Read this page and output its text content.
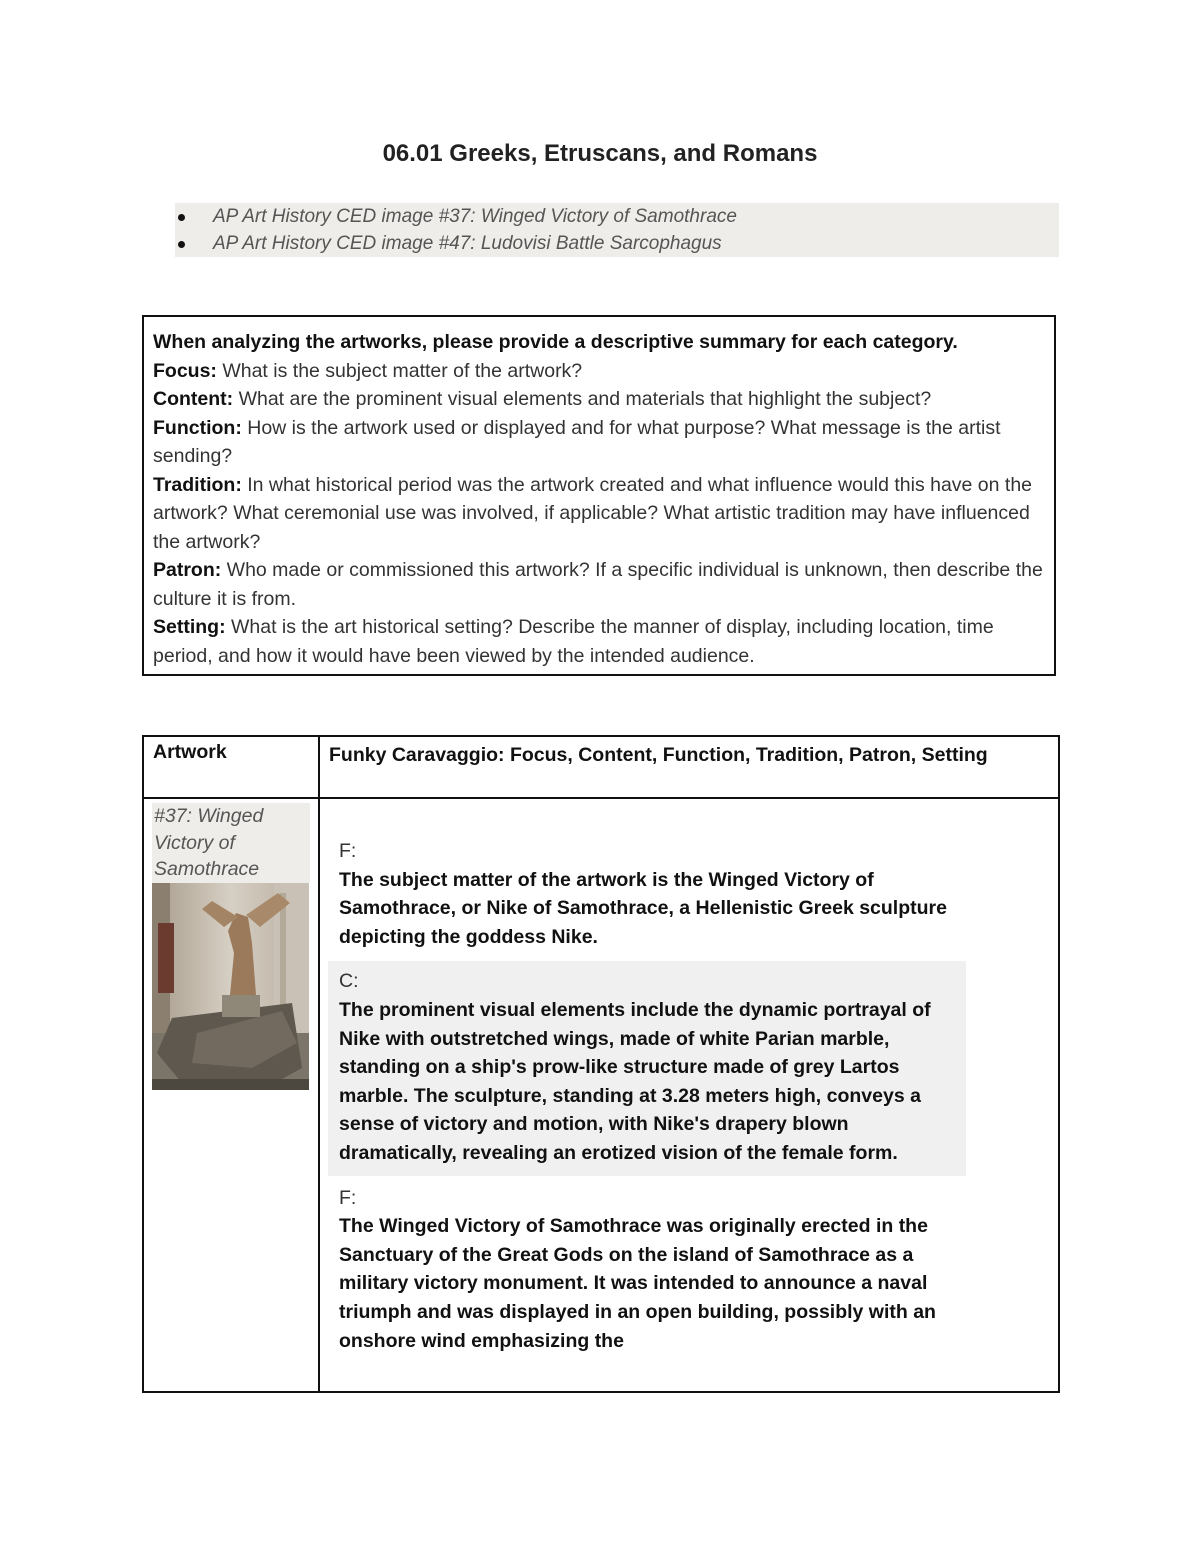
06.01 Greeks, Etruscans, and Romans
AP Art History CED image #37: Winged Victory of Samothrace
AP Art History CED image #47: Ludovisi Battle Sarcophagus
When analyzing the artworks, please provide a descriptive summary for each category.
Focus: What is the subject matter of the artwork?
Content: What are the prominent visual elements and materials that highlight the subject?
Function: How is the artwork used or displayed and for what purpose? What message is the artist sending?
Tradition: In what historical period was the artwork created and what influence would this have on the artwork? What ceremonial use was involved, if applicable? What artistic tradition may have influenced the artwork?
Patron: Who made or commissioned this artwork? If a specific individual is unknown, then describe the culture it is from.
Setting: What is the art historical setting? Describe the manner of display, including location, time period, and how it would have been viewed by the intended audience.
Artwork	Funky Caravaggio: Focus, Content, Function, Tradition, Patron, Setting
#37: Winged Victory of Samothrace
F:
The subject matter of the artwork is the Winged Victory of Samothrace, or Nike of Samothrace, a Hellenistic Greek sculpture depicting the goddess Nike.
C:
The prominent visual elements include the dynamic portrayal of Nike with outstretched wings, made of white Parian marble, standing on a ship's prow-like structure made of grey Lartos marble. The sculpture, standing at 3.28 meters high, conveys a sense of victory and motion, with Nike's drapery blown dramatically, revealing an erotized vision of the female form.
F:
The Winged Victory of Samothrace was originally erected in the Sanctuary of the Great Gods on the island of Samothrace as a military victory monument. It was intended to announce a naval triumph and was displayed in an open building, possibly with an onshore wind emphasizing the
